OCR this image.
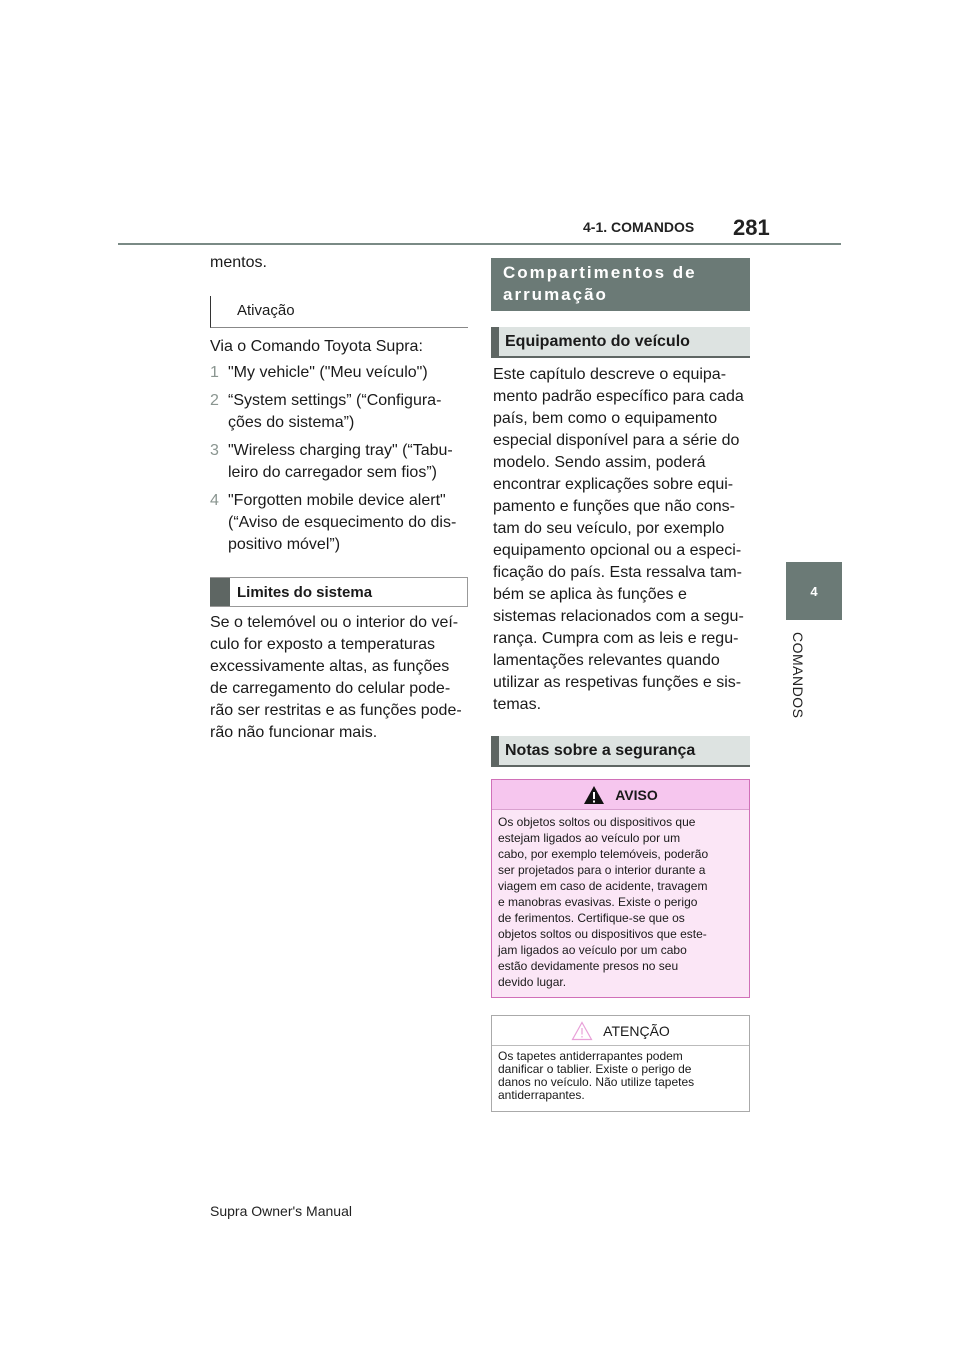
4-1. COMANDOS 281
4
COMANDOS
mentos.
Ativação
Via o Comando Toyota Supra:
1 "My vehicle" ("Meu veículo")
2 “System settings” (“Configura-
ções do sistema”)
3 "Wireless charging tray" (“Tabu-
leiro do carregador sem fios”)
4 "Forgotten mobile device alert"
(“Aviso de esquecimento do dis-
positivo móvel”)
Limites do sistema
Se o telemóvel ou o interior do veí-
culo for exposto a temperaturas
excessivamente altas, as funções
de carregamento do celular pode-
rão ser restritas e as funções pode-
rão não funcionar mais.
Compartimentos de arrumação
Equipamento do veículo
Este capítulo descreve o equipa-
mento padrão específico para cada
país, bem como o equipamento
especial disponível para a série do
modelo. Sendo assim, poderá
encontrar explicações sobre equi-
pamento e funções que não cons-
tam do seu veículo, por exemplo
equipamento opcional ou a especi-
ficação do país. Esta ressalva tam-
bém se aplica às funções e
sistemas relacionados com a segu-
rança. Cumpra com as leis e regu-
lamentações relevantes quando
utilizar as respetivas funções e sis-
temas.
Notas sobre a segurança
AVISO
Os objetos soltos ou dispositivos que
estejam ligados ao veículo por um
cabo, por exemplo telemóveis, poderão
ser projetados para o interior durante a
viagem em caso de acidente, travagem
e manobras evasivas. Existe o perigo
de ferimentos. Certifique-se que os
objetos soltos ou dispositivos que este-
jam ligados ao veículo por um cabo
estão devidamente presos no seu
devido lugar.
ATENÇÃO
Os tapetes antiderrapantes podem
danificar o tablier. Existe o perigo de
danos no veículo. Não utilize tapetes
antiderrapantes.
Supra Owner's Manual
